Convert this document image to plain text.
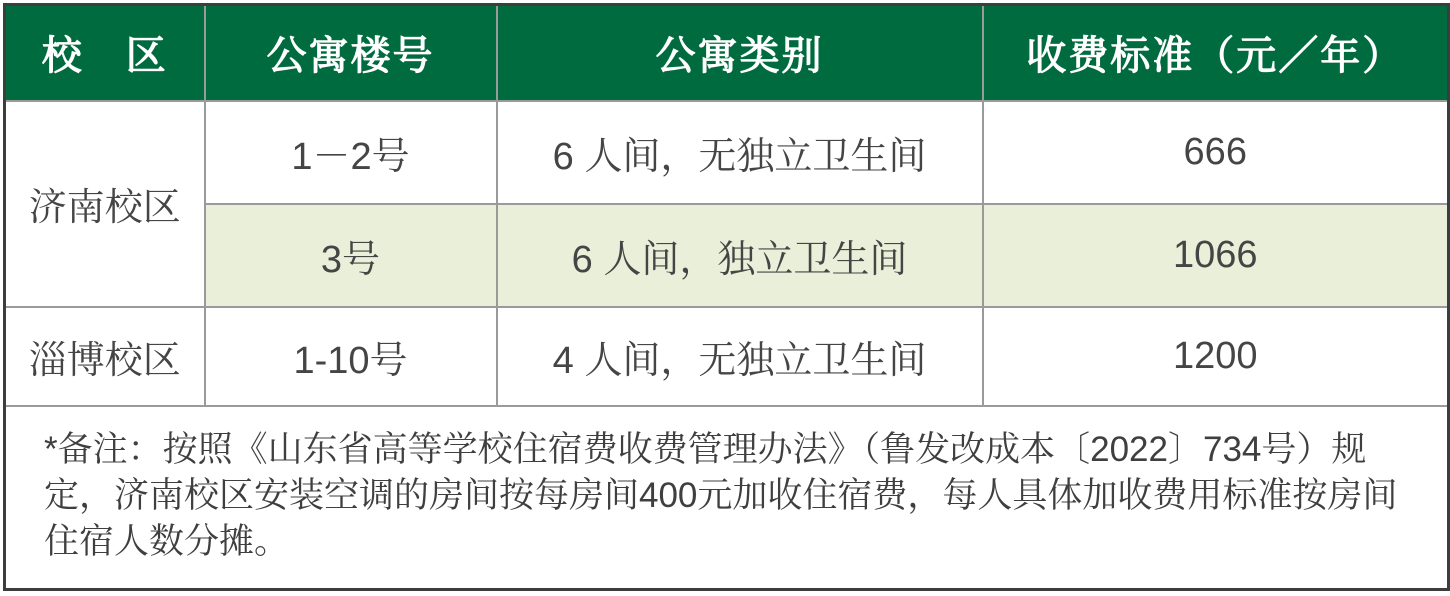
校　区	公寓楼号	公寓类别	收费标准（元／年）
济南校区	1－2号	6 人间，无独立卫生间	666
	3号	6 人间，独立卫生间	1066
淄博校区	1-10号	4 人间，无独立卫生间	1200
*备注：按照《山东省高等学校住宿费收费管理办法》（鲁发改成本〔2022〕734号）规定，济南校区安装空调的房间按每房间400元加收住宿费，每人具体加收费用标准按房间住宿人数分摊。			
